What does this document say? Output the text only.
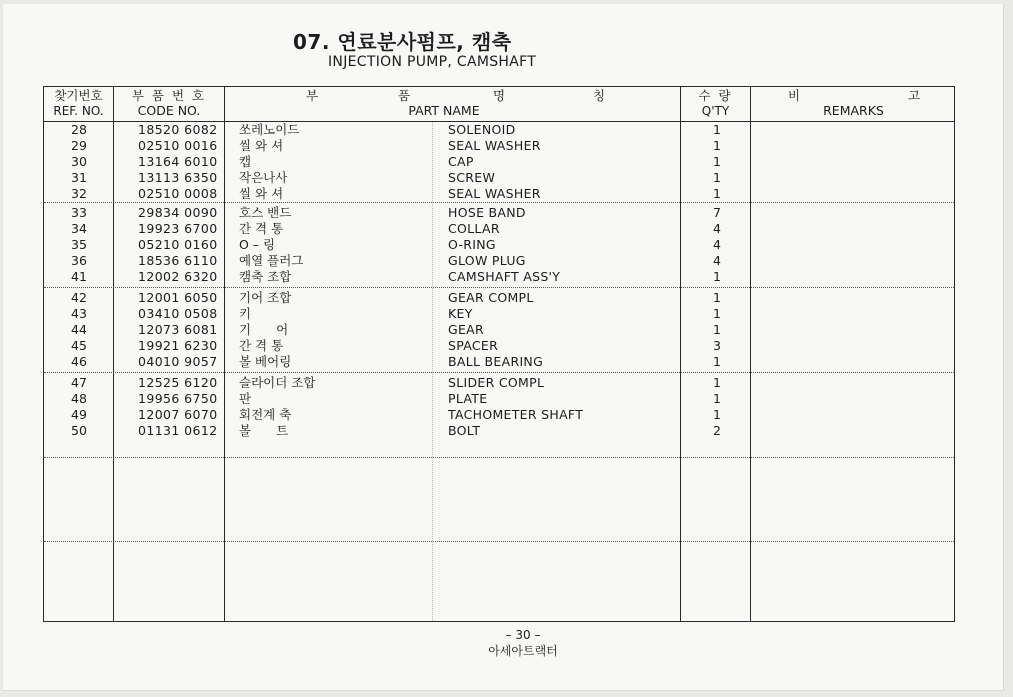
07. 연료분사펌프, 캠축
INJECTION PUMP, CAMSHAFT
찾기번호
REF. NO.
부 품 번 호
CODE NO.
부	품	명	칭
PART NAME
수 량
Q'TY
비	고
REMARKS
28	18520 6082	쏘레노이드	SOLENOID	1
29	02510 0016	씰 와 셔	SEAL WASHER	1
30	13164 6010	캡	CAP	1
31	13113 6350	작은나사	SCREW	1
32	02510 0008	씰 와 셔	SEAL WASHER	1
33	29834 0090	호스 밴드	HOSE BAND	7
34	19923 6700	간 격 통	COLLAR	4
35	05210 0160	O – 링	O-RING	4
36	18536 6110	예열 플러그	GLOW PLUG	4
41	12002 6320	캠축 조합	CAMSHAFT ASS'Y	1
42	12001 6050	기어 조합	GEAR COMPL	1
43	03410 0508	키	KEY	1
44	12073 6081	기　　어	GEAR	1
45	19921 6230	간 격 통	SPACER	3
46	04010 9057	볼 베어링	BALL BEARING	1
47	12525 6120	슬라이더 조합	SLIDER COMPL	1
48	19956 6750	판	PLATE	1
49	12007 6070	회전계 축	TACHOMETER SHAFT	1
50	01131 0612	볼　　트	BOLT	2
– 30 –
아세아트랙터
